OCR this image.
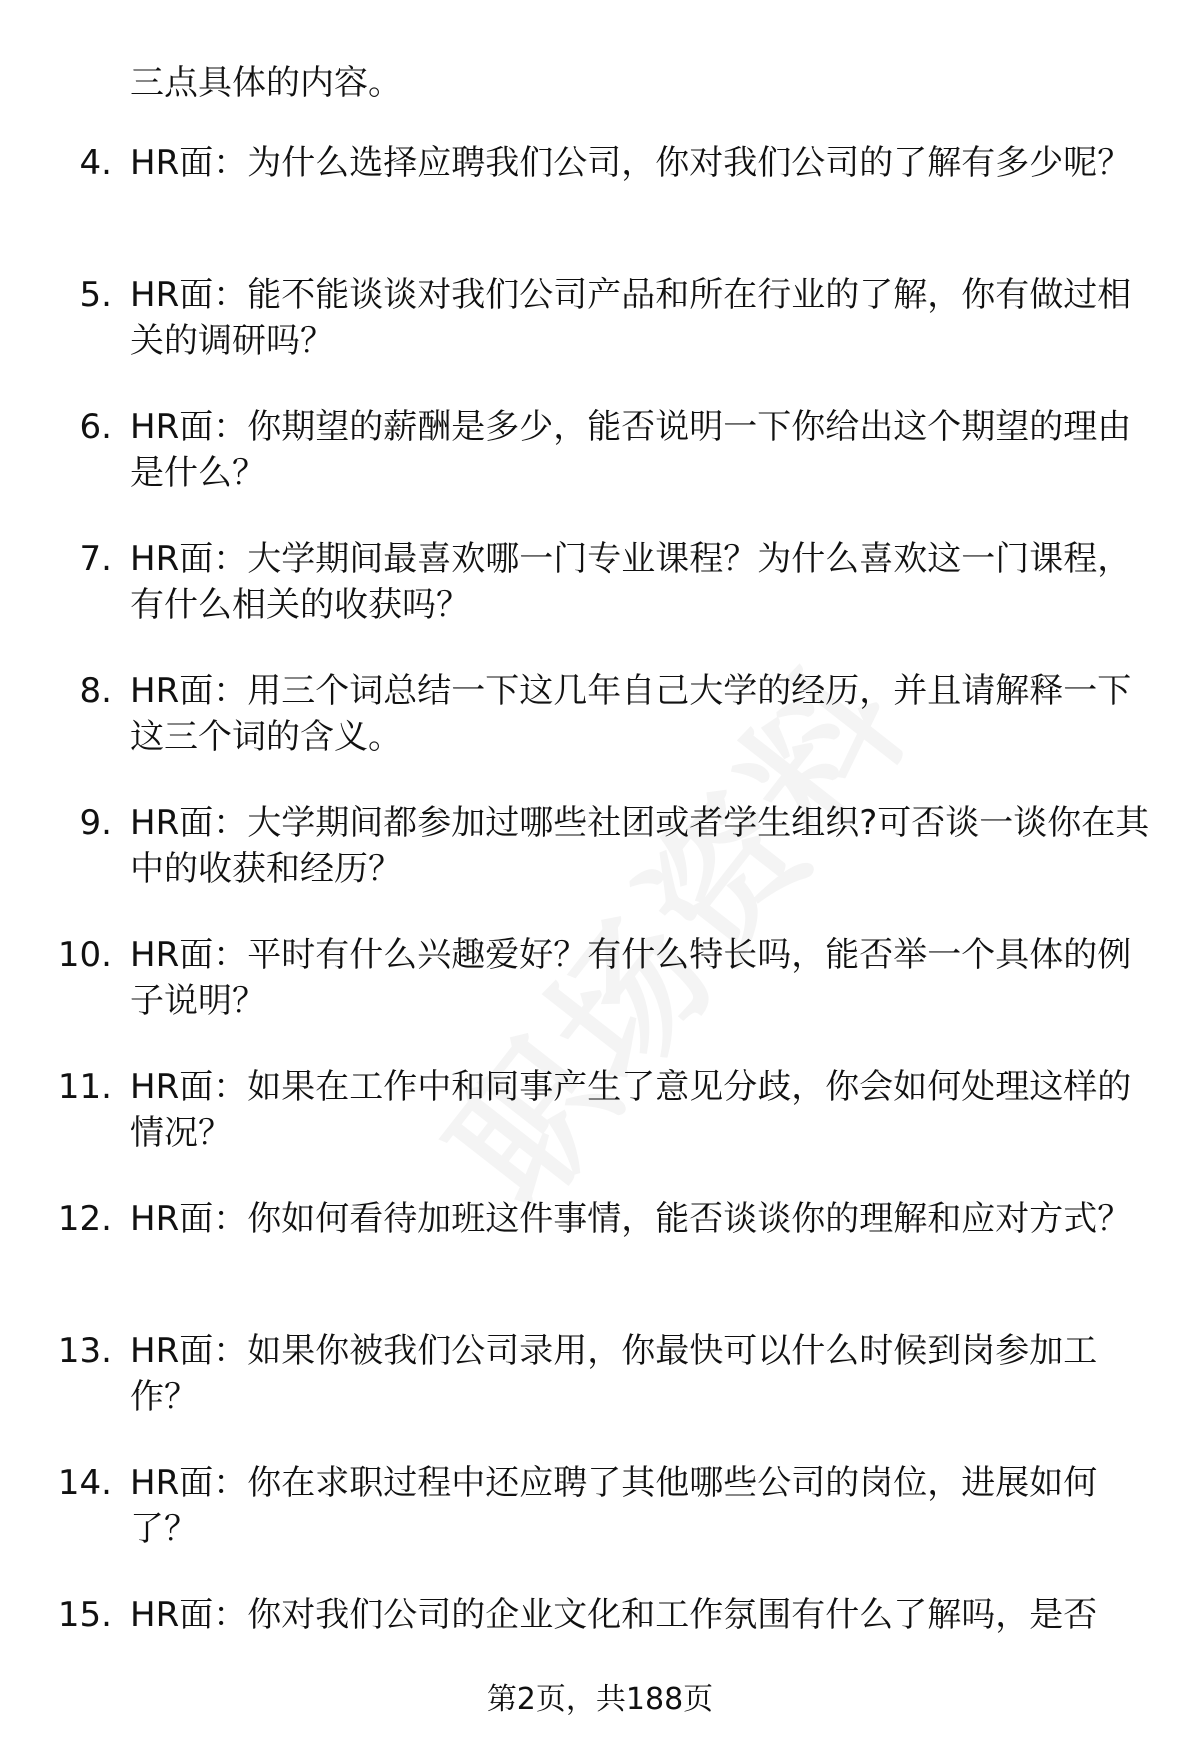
三点具体的内容。

4. HR面：为什么选择应聘我们公司，你对我们公司的了解有多少呢？

5. HR面：能不能谈谈对我们公司产品和所在行业的了解，你有做过相关的调研吗？

6. HR面：你期望的薪酬是多少，能否说明一下你给出这个期望的理由是什么？

7. HR面：大学期间最喜欢哪一门专业课程？为什么喜欢这一门课程，有什么相关的收获吗？

8. HR面：用三个词总结一下这几年自己大学的经历，并且请解释一下这三个词的含义。

9. HR面：大学期间都参加过哪些社团或者学生组织?可否谈一谈你在其中的收获和经历？

10. HR面：平时有什么兴趣爱好？有什么特长吗，能否举一个具体的例子说明？

11. HR面：如果在工作中和同事产生了意见分歧，你会如何处理这样的情况？

12. HR面：你如何看待加班这件事情，能否谈谈你的理解和应对方式？

13. HR面：如果你被我们公司录用，你最快可以什么时候到岗参加工作？

14. HR面：你在求职过程中还应聘了其他哪些公司的岗位，进展如何了？

15. HR面：你对我们公司的企业文化和工作氛围有什么了解吗，是否

第2页，共188页
